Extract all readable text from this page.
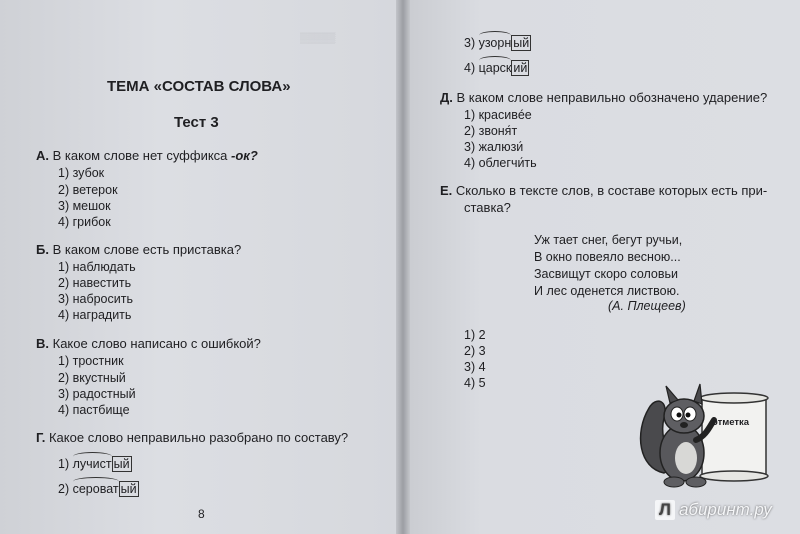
▒▒▒▒▒
ТЕМА «СОСТАВ СЛОВА»
Тест 3
А. В каком слове нет суффикса -ок?
1) зубок
2) ветерок
3) мешок
4) грибок
Б. В каком слове есть приставка?
1) наблюдать
2) навестить
3) набросить
4) наградить
В. Какое слово написано с ошибкой?
1) тростник
2) вкустный
3) радостный
4) пастбище
Г. Какое слово неправильно разобрано по составу?
1)
лучист ый
2)
сероват ый
8
3)
узорн ый
4)
царск ий
Д. В каком слове неправильно обозначено ударение?
1) красивée
2) звоня́т
3) жалюзи́
4) облегчи́ть
Е. Сколько в тексте слов, в составе которых есть при-
ставка?
Уж тает снег, бегут ручьи,
В окно повеяло весною...
Засвищут скоро соловьи
И лес оденется листвою.
(А. Плещеев)
1) 2
2) 3
3) 4
4) 5
отметка
Л абиринт.ру
